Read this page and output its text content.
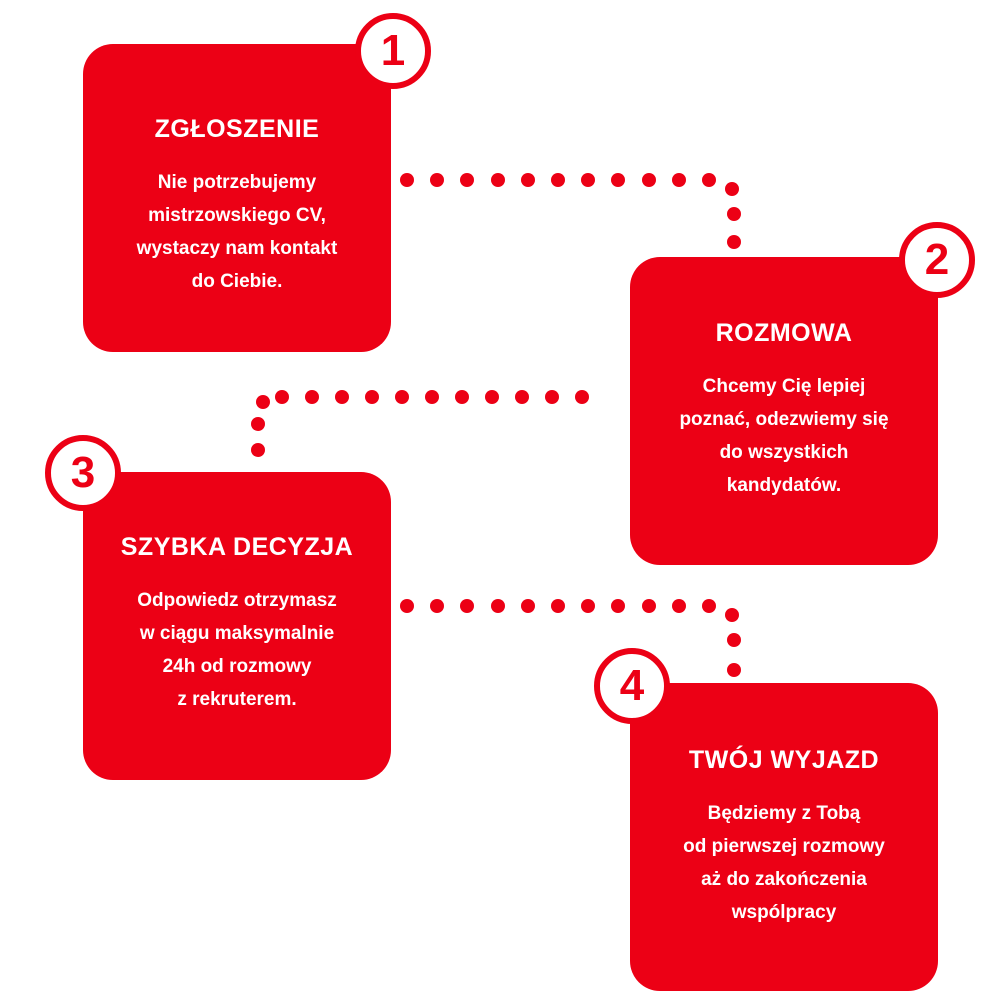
ZGŁOSZENIE
Nie potrzebujemy
mistrzowskiego CV,
wystaczy nam kontakt
do Ciebie.
1
ROZMOWA
Chcemy Cię lepiej
poznać, odezwiemy się
do wszystkich
kandydatów.
2
SZYBKA DECYZJA
Odpowiedz otrzymasz
w ciągu maksymalnie
24h od rozmowy
z rekruterem.
3
TWÓJ WYJAZD
Będziemy z Tobą
od pierwszej rozmowy
aż do zakończenia
wspólpracy
4
